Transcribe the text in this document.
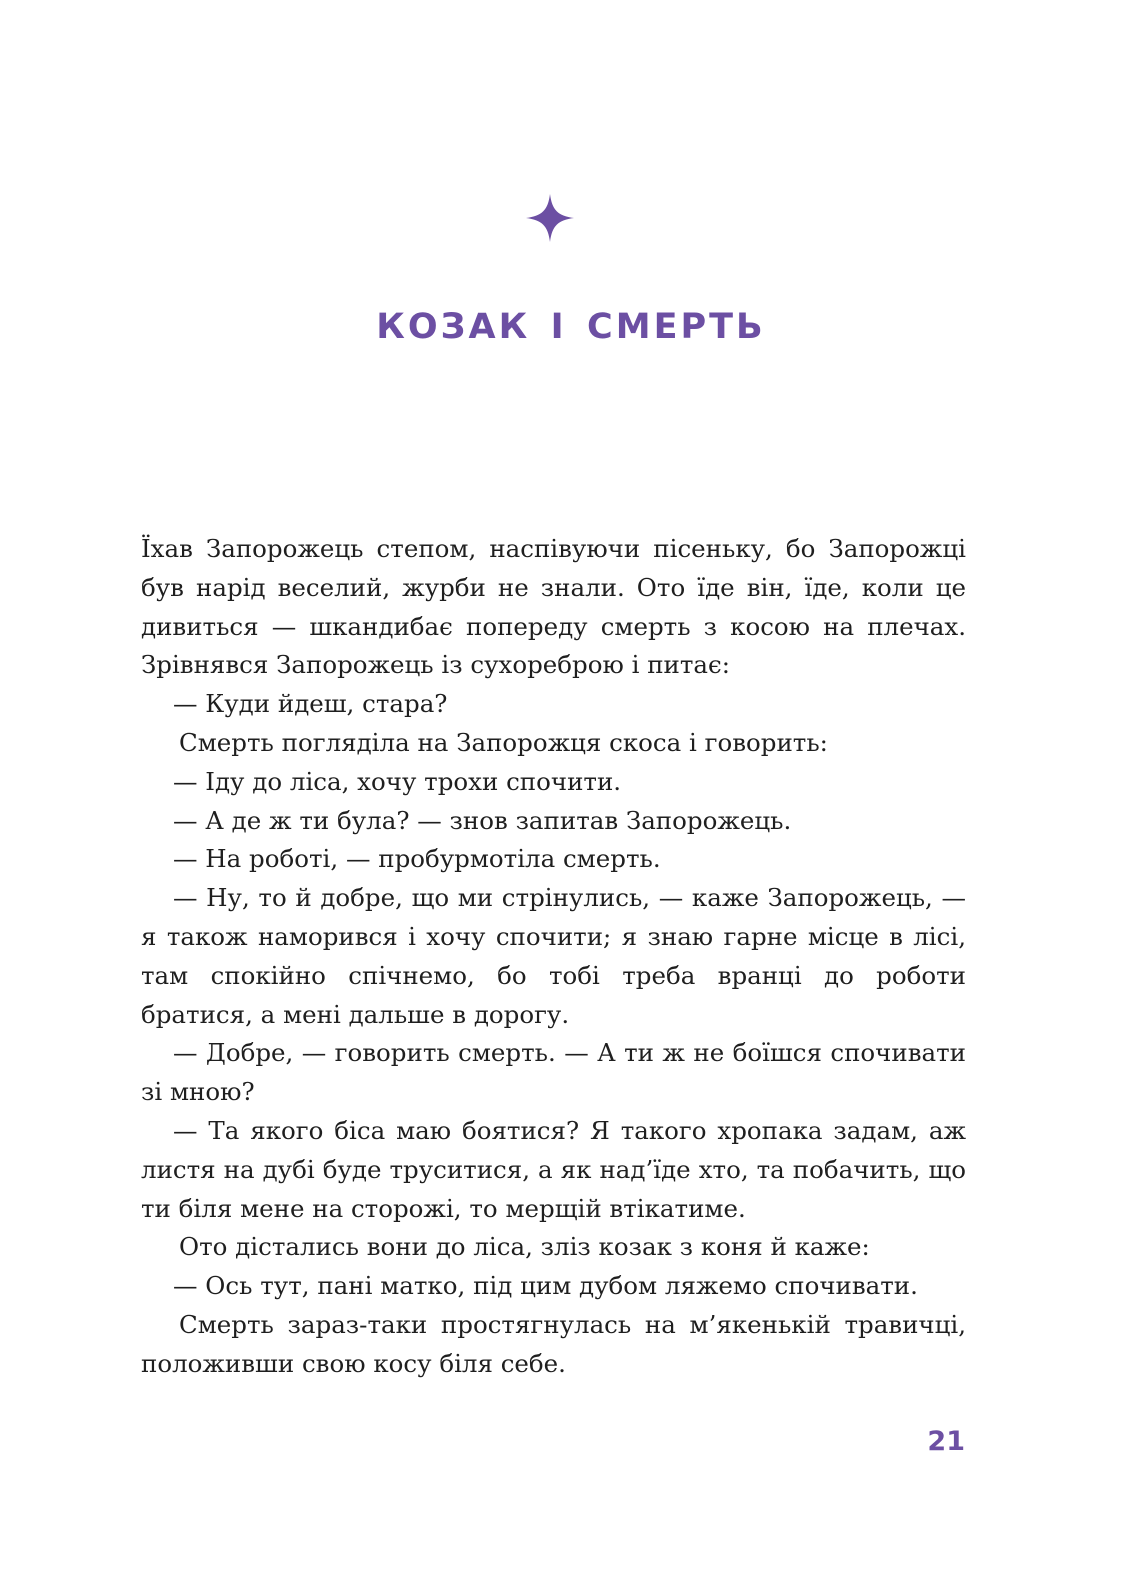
козак і смерть

Їхав Запорожець степом, наспівуючи пісеньку, бо Запорожці був нарід веселий, журби не знали. Ото їде він, їде, коли це дивиться — шкандибає попереду смерть з косою на плечах. Зрівнявся Запорожець із сухореброю і питає:

— Куди йдеш, стара?

Смерть поглядiла на Запорожця скоса і говорить:

— Іду до ліса, хочу трохи спочити.

— А де ж ти була? — знов запитав Запорожець.

— На роботі, — пробурмотіла смерть.

— Ну, то й добре, що ми стрінулись, — каже Запорожець, — я також наморився і хочу спочити; я знаю гарне місце в лісі, там спокійно спічнемо, бо тобі треба вранці до роботи братися, а мені дальше в дорогу.

— Добре, — говорить смерть. — А ти ж не боїшся спочивати зі мною?

— Та якого біса маю боятися? Я такого хропака задам, аж листя на дубі буде труситися, а як над’їде хто, та побачить, що ти біля мене на сторожі, то мерщій втікатиме.

Ото дістались вони до ліса, зліз козак з коня й каже:

— Ось тут, пані матко, під цим дубом ляжемо спочивати.

Смерть зараз-таки простягнулась на м’якенькій травичці, положивши свою косу біля себе.

21
